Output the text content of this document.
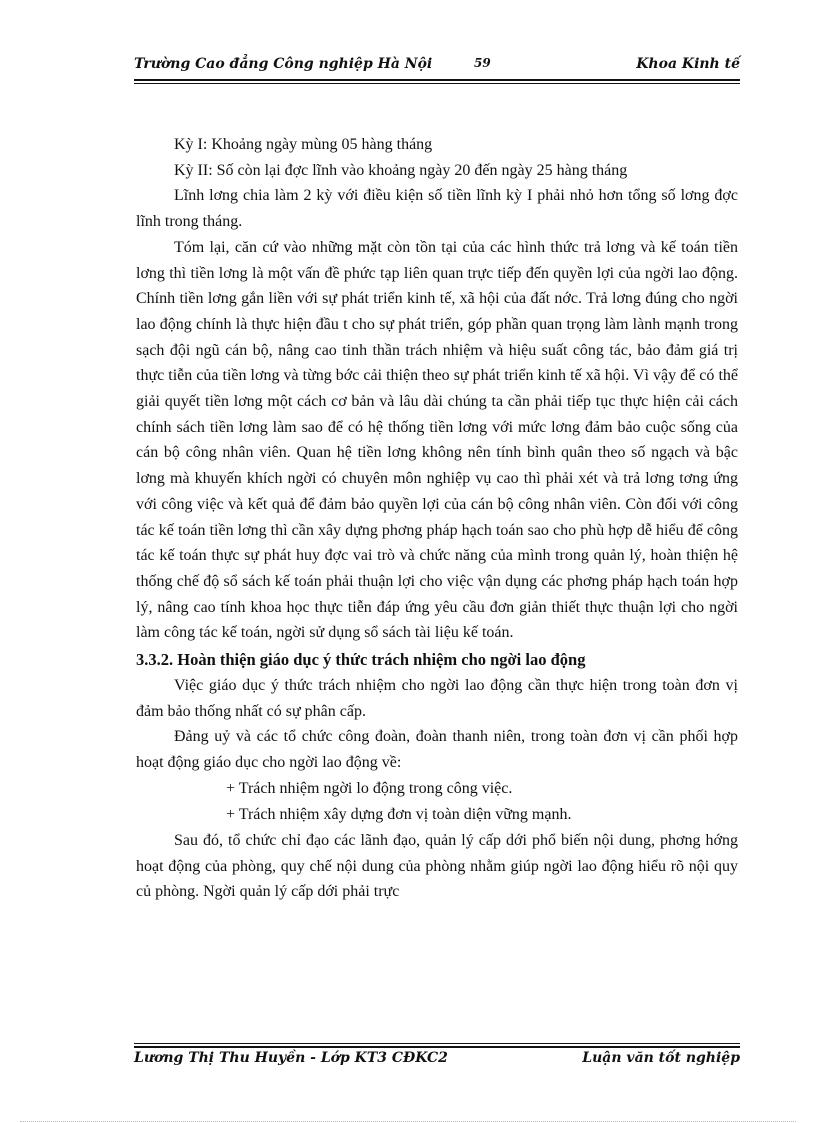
Trường Cao đẳng Công nghiệp Hà Nội	59	Khoa Kinh tế

Kỳ I: Khoảng ngày mùng 05 hàng tháng

Kỳ II: Số còn lại đợc lĩnh vào khoảng ngày 20 đến ngày 25 hàng tháng

Lĩnh lơng chia làm 2 kỳ với điều kiện số tiền lĩnh kỳ I phải nhỏ hơn tổng số lơng đợc lĩnh trong tháng.

Tóm lại, căn cứ vào những mặt còn tồn tại của các hình thức trả lơng và kế toán tiền lơng thì tiền lơng là một vấn đề phức tạp liên quan trực tiếp đến quyền lợi của ngời lao động. Chính tiền lơng gắn liền với sự phát triển kinh tế, xã hội của đất nớc. Trả lơng đúng cho ngời lao động chính là thực hiện đầu t cho sự phát triển, góp phần quan trọng làm lành mạnh trong sạch đội ngũ cán bộ, nâng cao tinh thần trách nhiệm và hiệu suất công tác, bảo đảm giá trị thực tiễn của tiền lơng và từng bớc cải thiện theo sự phát triển kinh tế xã hội. Vì vậy để có thể giải quyết tiền lơng một cách cơ bản và lâu dài chúng ta cần phải tiếp tục thực hiện cải cách chính sách tiền lơng làm sao để có hệ thống tiền lơng với mức lơng đảm bảo cuộc sống của cán bộ công nhân viên. Quan hệ tiền lơng không nên tính bình quân theo số ngạch và bậc lơng mà khuyến khích ngời có chuyên môn nghiệp vụ cao thì phải xét và trả lơng tơng ứng với công việc và kết quả để đảm bảo quyền lợi của cán bộ công nhân viên. Còn đối với công tác kế toán tiền lơng thì cần xây dựng phơng pháp hạch toán sao cho phù hợp dễ hiểu để công tác kế toán thực sự phát huy đợc vai trò và chức năng của mình trong quản lý, hoàn thiện hệ thống chế độ sổ sách kế toán phải thuận lợi cho việc vận dụng các phơng pháp hạch toán hợp lý, nâng cao tính khoa học thực tiễn đáp ứng yêu cầu đơn giản thiết thực thuận lợi cho ngời làm công tác kế toán, ngời sử dụng sổ sách tài liệu kế toán.

3.3.2. Hoàn thiện giáo dục ý thức trách nhiệm cho ngời lao động

Việc giáo dục ý thức trách nhiệm cho ngời lao động cần thực hiện trong toàn đơn vị đảm bảo thống nhất có sự phân cấp.

Đảng uỷ và các tổ chức công đoàn, đoàn thanh niên, trong toàn đơn vị cần phối hợp hoạt động giáo dục cho ngời lao động về:

+ Trách nhiệm ngời lo động trong công việc.

+ Trách nhiệm xây dựng đơn vị toàn diện vững mạnh.

Sau đó, tổ chức chỉ đạo các lãnh đạo, quản lý cấp dới phổ biến nội dung, phơng hớng hoạt động của phòng, quy chế nội dung của phòng nhằm giúp ngời lao động hiểu rõ nội quy củ phòng. Ngời quản lý cấp dới phải trực

Lương Thị Thu Huyền - Lớp KT3 CĐKC2	Luận văn tốt nghiệp
